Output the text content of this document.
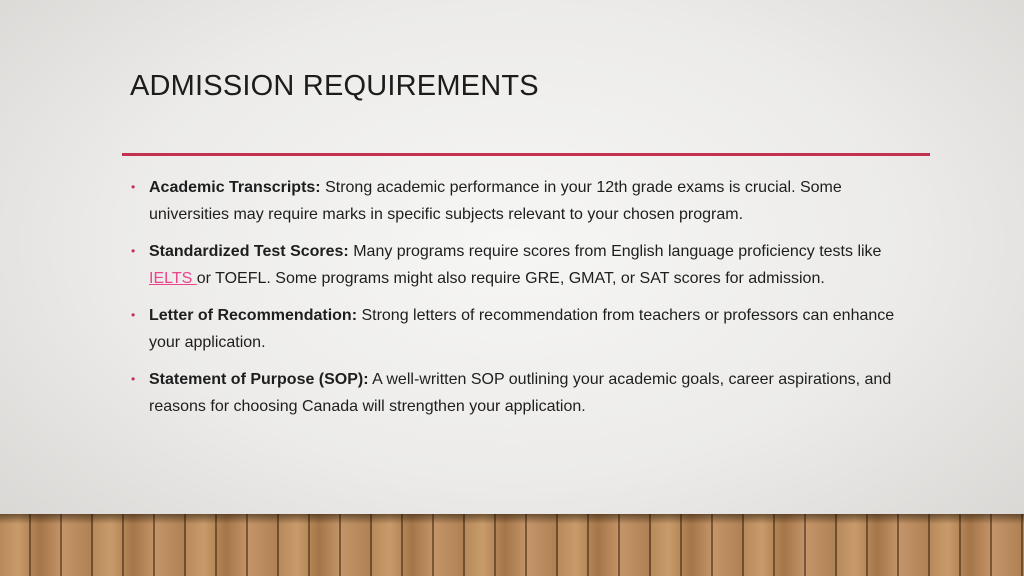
ADMISSION REQUIREMENTS
• Academic Transcripts: Strong academic performance in your 12th grade exams is crucial. Some universities may require marks in specific subjects relevant to your chosen program.
• Standardized Test Scores: Many programs require scores from English language proficiency tests like IELTS or TOEFL. Some programs might also require GRE, GMAT, or SAT scores for admission.
• Letter of Recommendation: Strong letters of recommendation from teachers or professors can enhance your application.
• Statement of Purpose (SOP): A well-written SOP outlining your academic goals, career aspirations, and reasons for choosing Canada will strengthen your application.
